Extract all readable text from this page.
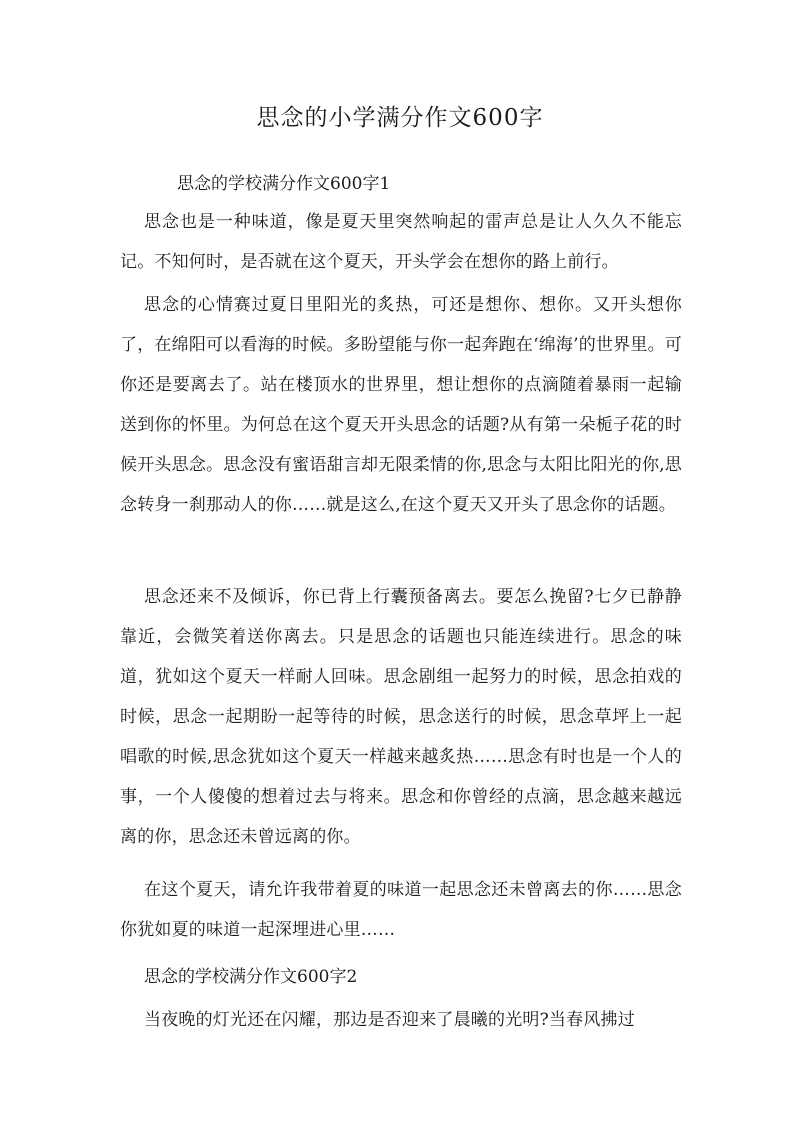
思念的小学满分作文600字
思念的学校满分作文600字1
思念也是一种味道，像是夏天里突然响起的雷声总是让人久久不能忘记。不知何时，是否就在这个夏天，开头学会在想你的路上前行。
思念的心情赛过夏日里阳光的炙热，可还是想你、想你。又开头想你了，在绵阳可以看海的时候。多盼望能与你一起奔跑在‘绵海’的世界里。可你还是要离去了。站在楼顶水的世界里，想让想你的点滴随着暴雨一起输送到你的怀里。为何总在这个夏天开头思念的话题?从有第一朵栀子花的时候开头思念。思念没有蜜语甜言却无限柔情的你,思念与太阳比阳光的你,思念转身一刹那动人的你……就是这么,在这个夏天又开头了思念你的话题。
思念还来不及倾诉，你已背上行囊预备离去。要怎么挽留?七夕已静静靠近，会微笑着送你离去。只是思念的话题也只能连续进行。思念的味道，犹如这个夏天一样耐人回味。思念剧组一起努力的时候，思念拍戏的时候，思念一起期盼一起等待的时候，思念送行的时候，思念草坪上一起唱歌的时候,思念犹如这个夏天一样越来越炙热……思念有时也是一个人的事，一个人傻傻的想着过去与将来。思念和你曾经的点滴，思念越来越远离的你，思念还未曾远离的你。
在这个夏天，请允许我带着夏的味道一起思念还未曾离去的你……思念你犹如夏的味道一起深埋进心里……
思念的学校满分作文600字2
当夜晚的灯光还在闪耀，那边是否迎来了晨曦的光明?当春风拂过
